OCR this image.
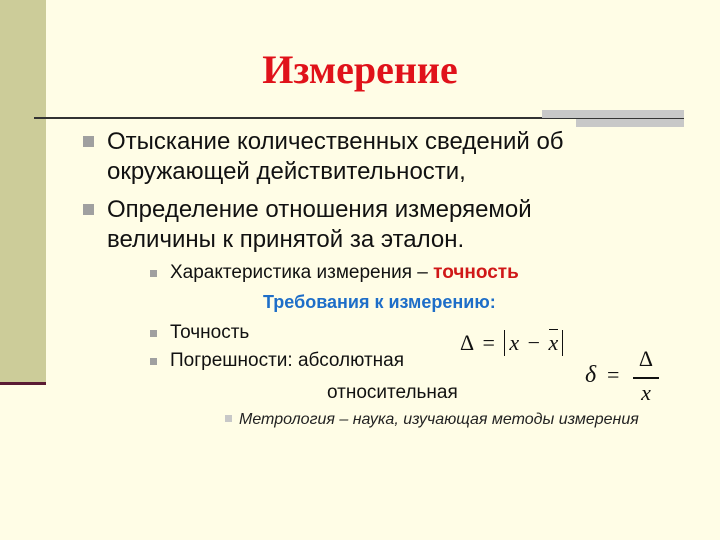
Измерение
Отыскание количественных сведений об окружающей действительности,
Определение отношения измеряемой величины к принятой за эталон.
Характеристика измерения – точность
Требования к измерению:
Точность
Погрешности: абсолютная
относительная
Δ = x − x
δ =
Δ
x
Метрология – наука, изучающая методы измерения
